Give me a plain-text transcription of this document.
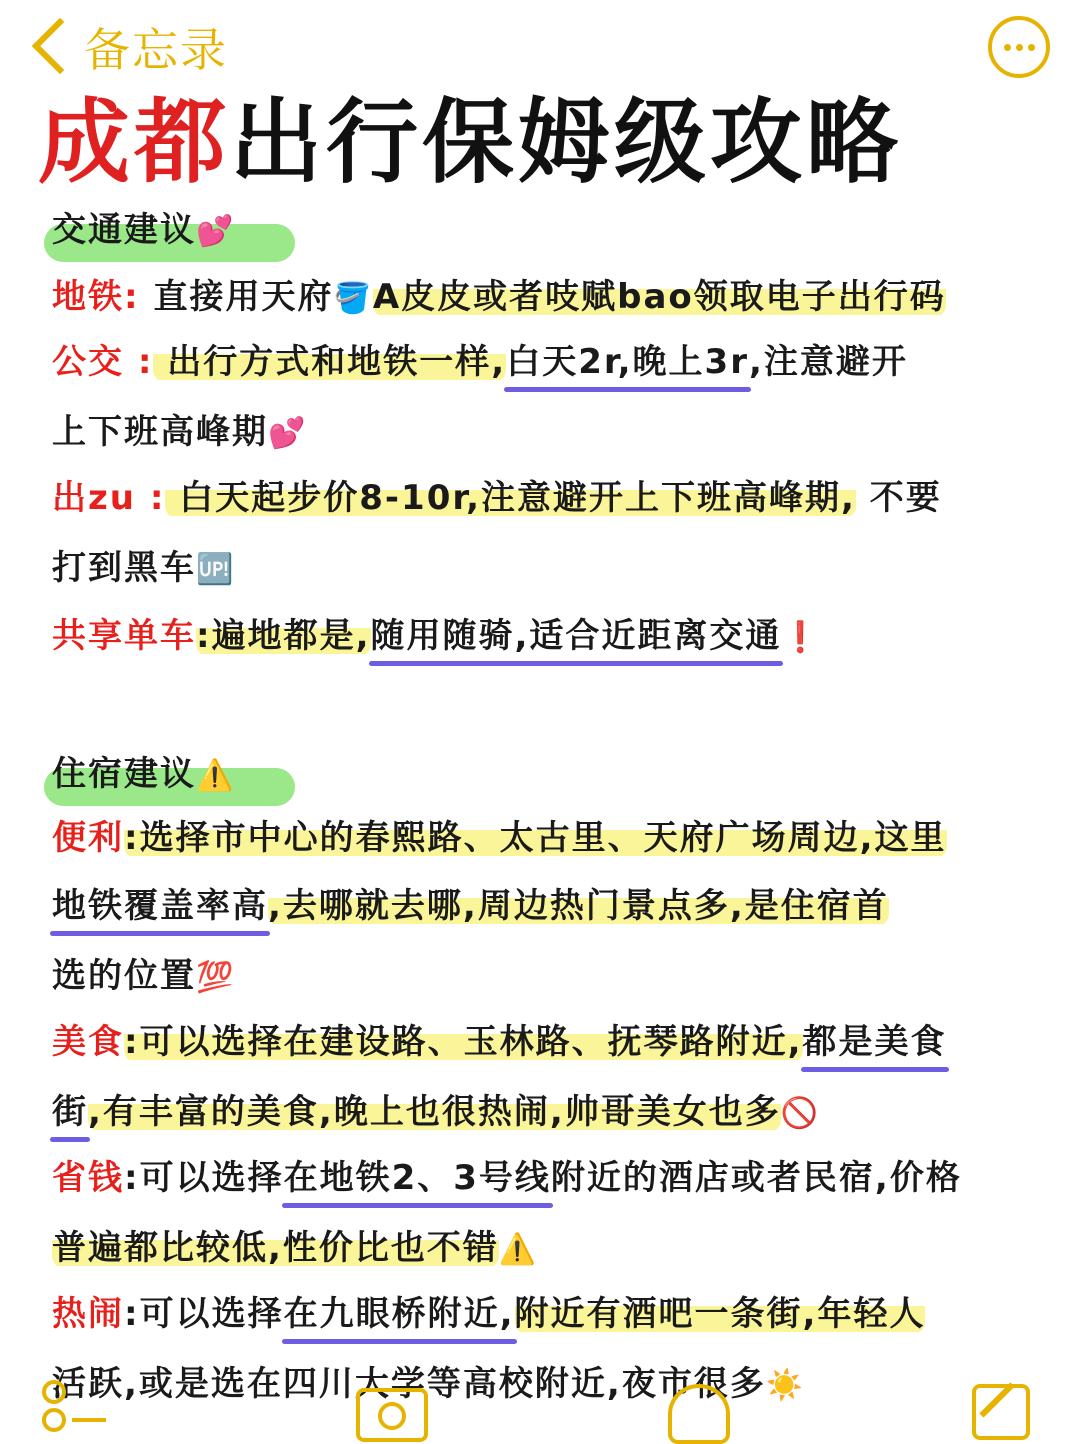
备忘录
成都出行保姆级攻略
交通建议💕
地铁: 直接用天府🪣A皮皮或者吱赋bao领取电子出行码
公交 : 出行方式和地铁一样,白天2r,晚上3r,注意避开
上下班高峰期💕
出zu : 白天起步价8-10r,注意避开上下班高峰期, 不要
打到黑车🆙
共享单车:遍地都是,随用随骑,适合近距离交通❗
住宿建议⚠️
便利:选择市中心的春熙路、太古里、天府广场周边,这里
地铁覆盖率高,去哪就去哪,周边热门景点多,是住宿首
选的位置💯
美食:可以选择在建设路、玉林路、抚琴路附近,都是美食
街,有丰富的美食,晚上也很热闹,帅哥美女也多🚫
省钱:可以选择在地铁2、3号线附近的酒店或者民宿,价格
普遍都比较低,性价比也不错⚠️
热闹:可以选择在九眼桥附近,附近有酒吧一条街,年轻人
活跃,或是选在四川大学等高校附近,夜市很多☀️
